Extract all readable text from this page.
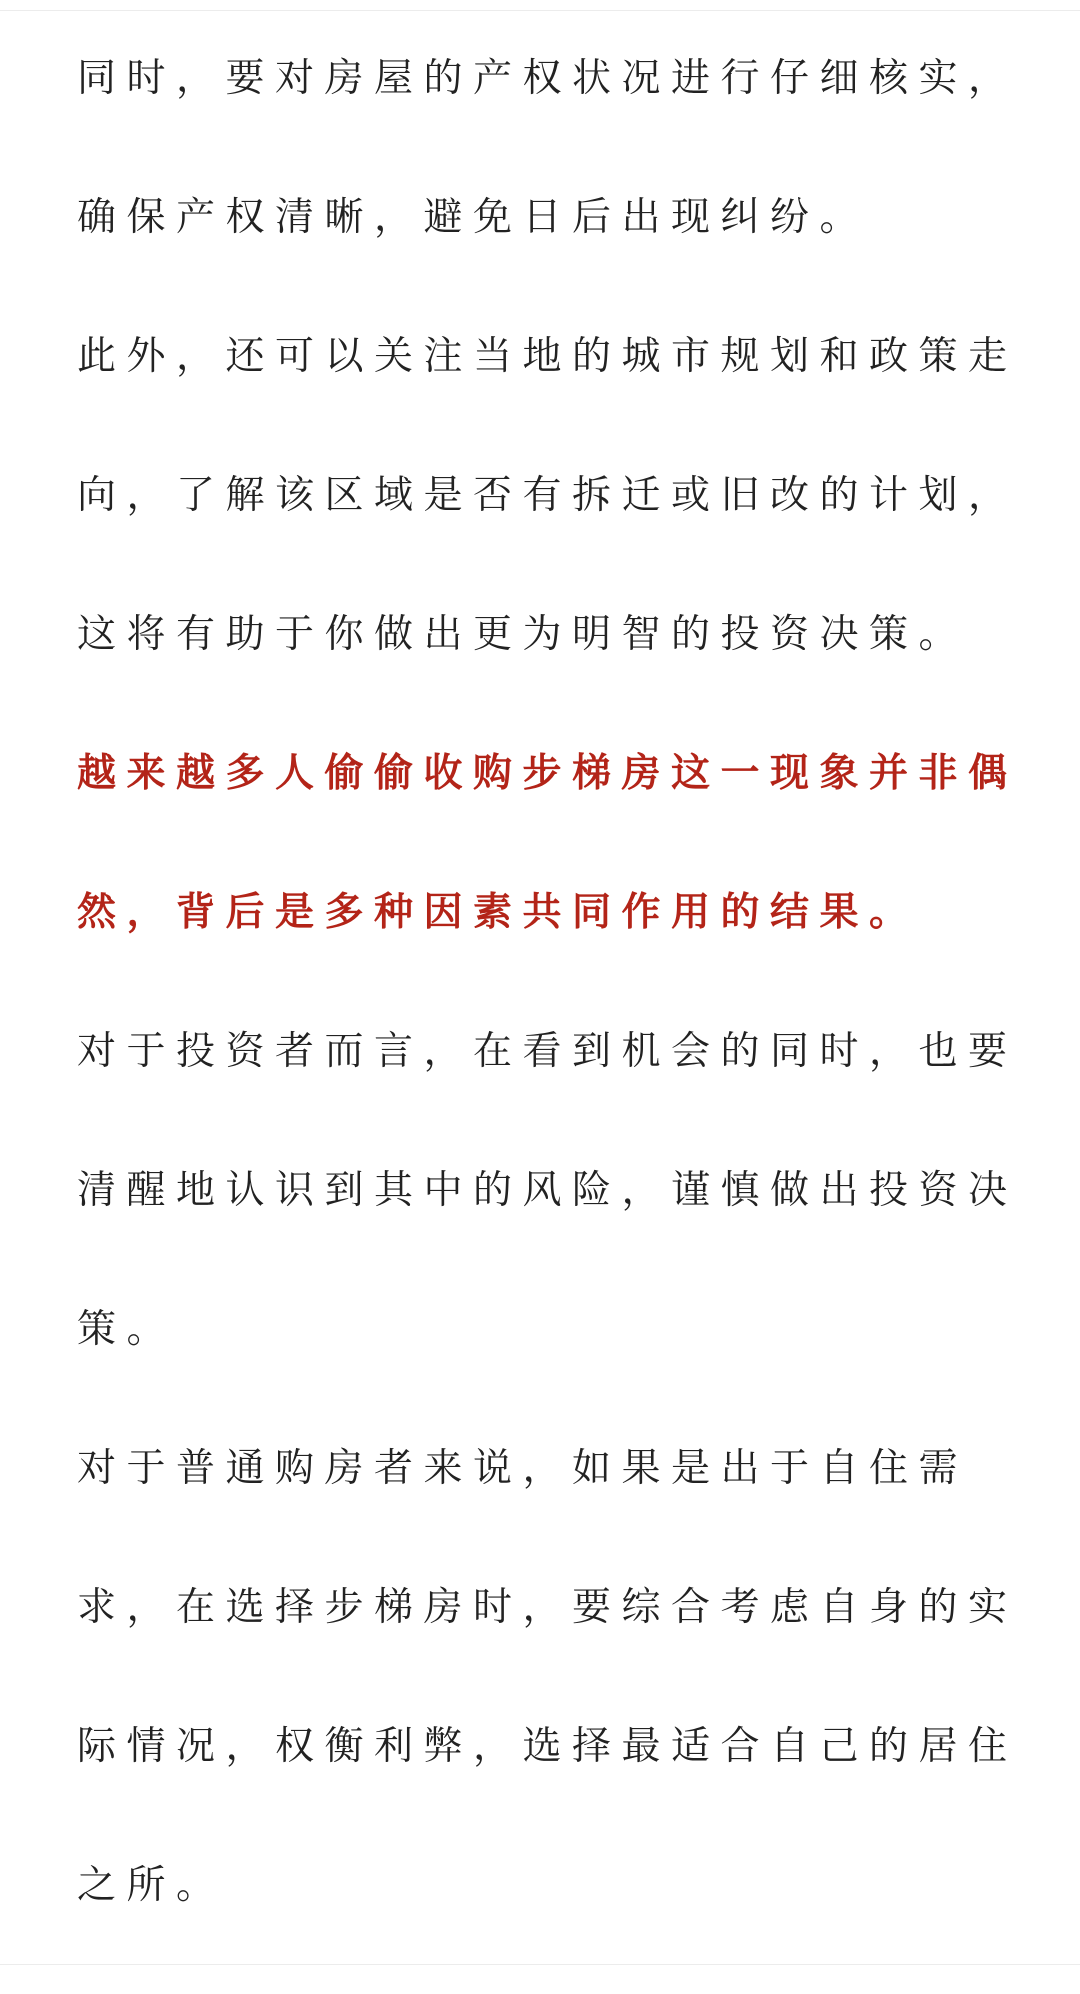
同时，要对房屋的产权状况进行仔细核实，
确保产权清晰，避免日后出现纠纷。
此外，还可以关注当地的城市规划和政策走
向，了解该区域是否有拆迁或旧改的计划，
这将有助于你做出更为明智的投资决策。
越来越多人偷偷收购步梯房这一现象并非偶
然，背后是多种因素共同作用的结果。
对于投资者而言，在看到机会的同时，也要
清醒地认识到其中的风险，谨慎做出投资决
策。
对于普通购房者来说，如果是出于自住需
求，在选择步梯房时，要综合考虑自身的实
际情况，权衡利弊，选择最适合自己的居住
之所。
